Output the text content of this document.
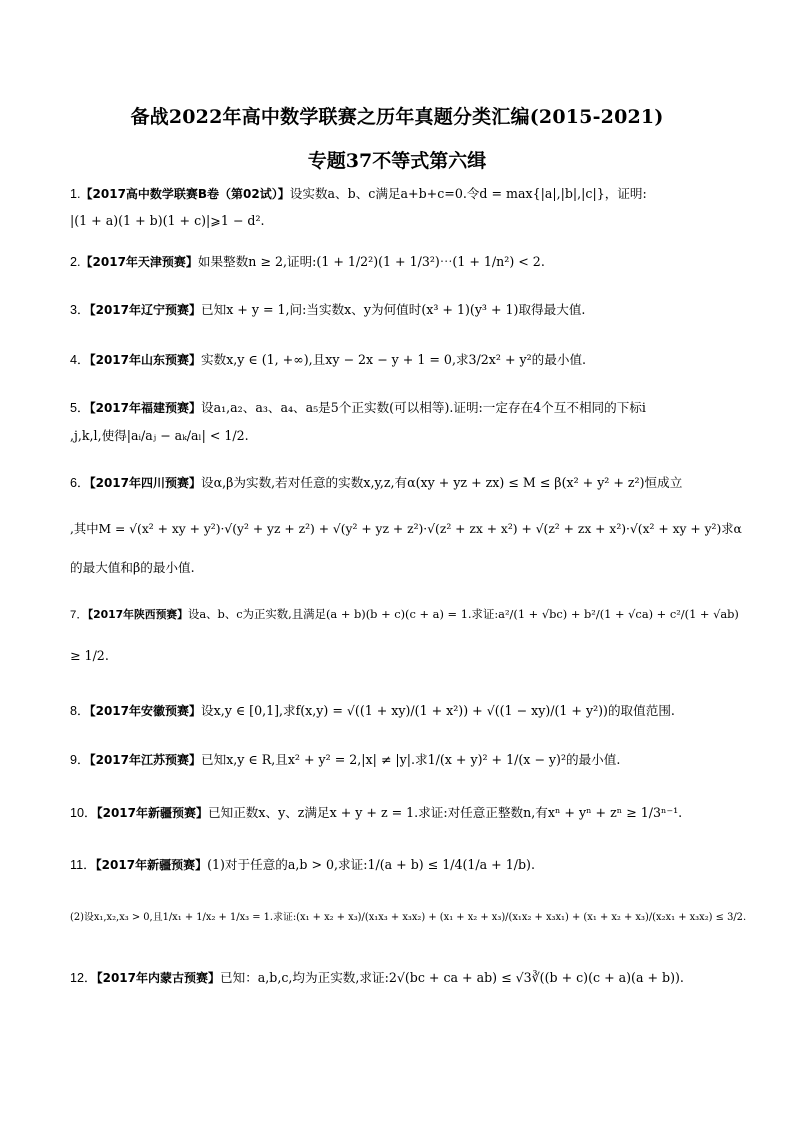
备战2022年高中数学联赛之历年真题分类汇编(2015-2021)
专题37不等式第六缉
1.【2017高中数学联赛B卷（第02试）】设实数a、b、c满足a+b+c=0.令d = max{|a|,|b|,|c|}，证明:
|(1 + a)(1 + b)(1 + c)|⩾1 − d².
2.【2017年天津预赛】如果整数n ≥ 2,证明:(1 + 1/2²)(1 + 1/3²)⋯(1 + 1/n²) < 2.
3．【2017年辽宁预赛】已知x + y = 1,问:当实数x、y为何值时(x³ + 1)(y³ + 1)取得最大值.
4．【2017年山东预赛】实数x,y ∈ (1, +∞),且xy − 2x − y + 1 = 0,求3/2x² + y²的最小值.
5．【2017年福建预赛】设a₁,a₂、a₃、a₄、a₅是5个正实数(可以相等).证明:一定存在4个互不相同的下标i
,j,k,l,使得|aᵢ/aⱼ − aₖ/aₗ| < 1/2.
6．【2017年四川预赛】设α,β为实数,若对任意的实数x,y,z,有α(xy + yz + zx) ≤ M ≤ β(x² + y² + z²)恒成立
,其中M = √(x² + xy + y²)·√(y² + yz + z²) + √(y² + yz + z²)·√(z² + zx + x²) + √(z² + zx + x²)·√(x² + xy + y²)求α
的最大值和β的最小值.
7．【2017年陕西预赛】设a、b、c为正实数,且满足(a + b)(b + c)(c + a) = 1.求证:a²/(1 + √bc) + b²/(1 + √ca) + c²/(1 + √ab)
≥ 1/2.
8．【2017年安徽预赛】设x,y ∈ [0,1],求f(x,y) = √((1 + xy)/(1 + x²)) + √((1 − xy)/(1 + y²))的取值范围.
9．【2017年江苏预赛】已知x,y ∈ R,且x² + y² = 2,|x| ≠ |y|.求1/(x + y)² + 1/(x − y)²的最小值.
10．【2017年新疆预赛】已知正数x、y、z满足x + y + z = 1.求证:对任意正整数n,有xⁿ + yⁿ + zⁿ ≥ 1/3ⁿ⁻¹.
11．【2017年新疆预赛】(1)对于任意的a,b > 0,求证:1/(a + b) ≤ 1/4(1/a + 1/b).
(2)设x₁,x₂,x₃ > 0,且1/x₁ + 1/x₂ + 1/x₃ = 1.求证:(x₁ + x₂ + x₃)/(x₁x₃ + x₃x₂) + (x₁ + x₂ + x₃)/(x₁x₂ + x₃x₁) + (x₁ + x₂ + x₃)/(x₂x₁ + x₃x₂) ≤ 3/2.
12．【2017年内蒙古预赛】已知：a,b,c,均为正实数,求证:2√(bc + ca + ab) ≤ √3∛((b + c)(c + a)(a + b)).
